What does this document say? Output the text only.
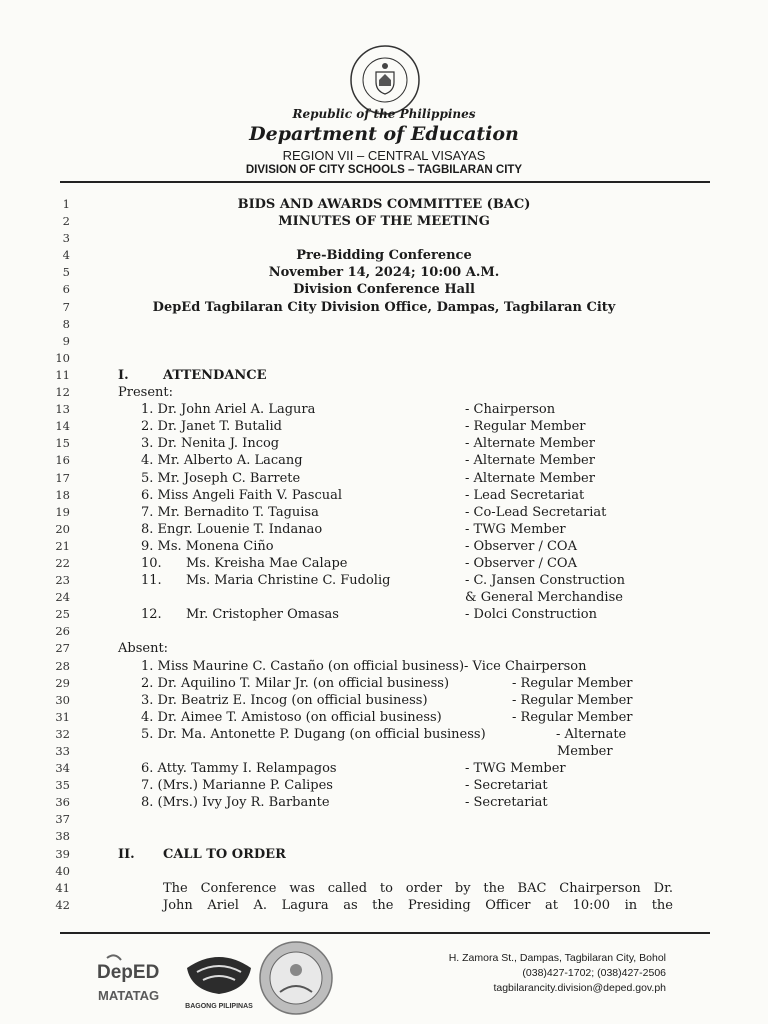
Republic of the Philippines
Department of Education
REGION VII – CENTRAL VISAYAS
DIVISION OF CITY SCHOOLS – TAGBILARAN CITY
1	BIDS AND AWARDS COMMITTEE (BAC)
2	MINUTES OF THE MEETING
3
4	Pre-Bidding Conference
5	November 14, 2024; 10:00 A.M.
6	Division Conference Hall
7	DepEd Tagbilaran City Division Office, Dampas, Tagbilaran City
8
9
10
11	I.	ATTENDANCE
12	Present:
13	1. Dr. John Ariel A. Lagura	- Chairperson
14	2. Dr. Janet T. Butalid	- Regular Member
15	3. Dr. Nenita J. Incog	- Alternate Member
16	4. Mr. Alberto A. Lacang	- Alternate Member
17	5. Mr. Joseph C. Barrete	- Alternate Member
18	6. Miss Angeli Faith V. Pascual	- Lead Secretariat
19	7. Mr. Bernadito T. Taguisa	- Co-Lead Secretariat
20	8. Engr. Louenie T. Indanao	- TWG Member
21	9. Ms. Monena Ciño	- Observer / COA
22	10. Ms. Kreisha Mae Calape	- Observer / COA
23	11. Ms. Maria Christine C. Fudolig	- C. Jansen Construction
24	& General Merchandise
25	12. Mr. Cristopher Omasas	- Dolci Construction
26
27	Absent:
28	1. Miss Maurine C. Castaño (on official business)- Vice Chairperson
29	2. Dr. Aquilino T. Milar Jr. (on official business)	- Regular Member
30	3. Dr. Beatriz E. Incog (on official business)	- Regular Member
31	4. Dr. Aimee T. Amistoso (on official business)	- Regular Member
32	5. Dr. Ma. Antonette P. Dugang (on official business)	- Alternate
33	Member
34	6. Atty. Tammy I. Relampagos	- TWG Member
35	7. (Mrs.) Marianne P. Calipes	- Secretariat
36	8. (Mrs.) Ivy Joy R. Barbante	- Secretariat
37
38
39	II. CALL TO ORDER
40
41	The Conference was called to order by the BAC Chairperson Dr.
42	John Ariel A. Lagura as the Presiding Officer at 10:00 in the
DepED
MATATAG
BAGONG PILIPINAS
H. Zamora St., Dampas, Tagbilaran City, Bohol
(038)427-1702; (038)427-2506
tagbilarancity.division@deped.gov.ph
